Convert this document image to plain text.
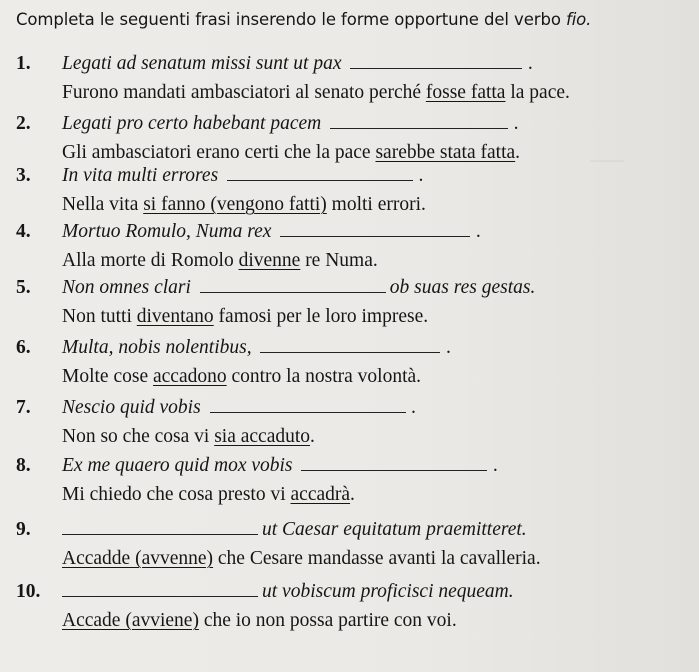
——
Completa le seguenti frasi inserendo le forme opportune del verbo fio.
1. Legati ad senatum missi sunt ut pax	.
Furono mandati ambasciatori al senato perché fosse fatta la pace.
2. Legati pro certo habebant pacem	.
Gli ambasciatori erano certi che la pace sarebbe stata fatta.
3. In vita multi errores	.
Nella vita si fanno (vengono fatti) molti errori.
4. Mortuo Romulo, Numa rex	.
Alla morte di Romolo divenne re Numa.
5. Non omnes clari	ob suas res gestas.
Non tutti diventano famosi per le loro imprese.
6. Multa, nobis nolentibus,	.
Molte cose accadono contro la nostra volontà.
7. Nescio quid vobis	.
Non so che cosa vi sia accaduto.
8. Ex me quaero quid mox vobis	.
Mi chiedo che cosa presto vi accadrà.
9.	ut Caesar equitatum praemitteret.
Accadde (avvenne) che Cesare mandasse avanti la cavalleria.
10.	ut vobiscum proficisci nequeam.
Accade (avviene) che io non possa partire con voi.
